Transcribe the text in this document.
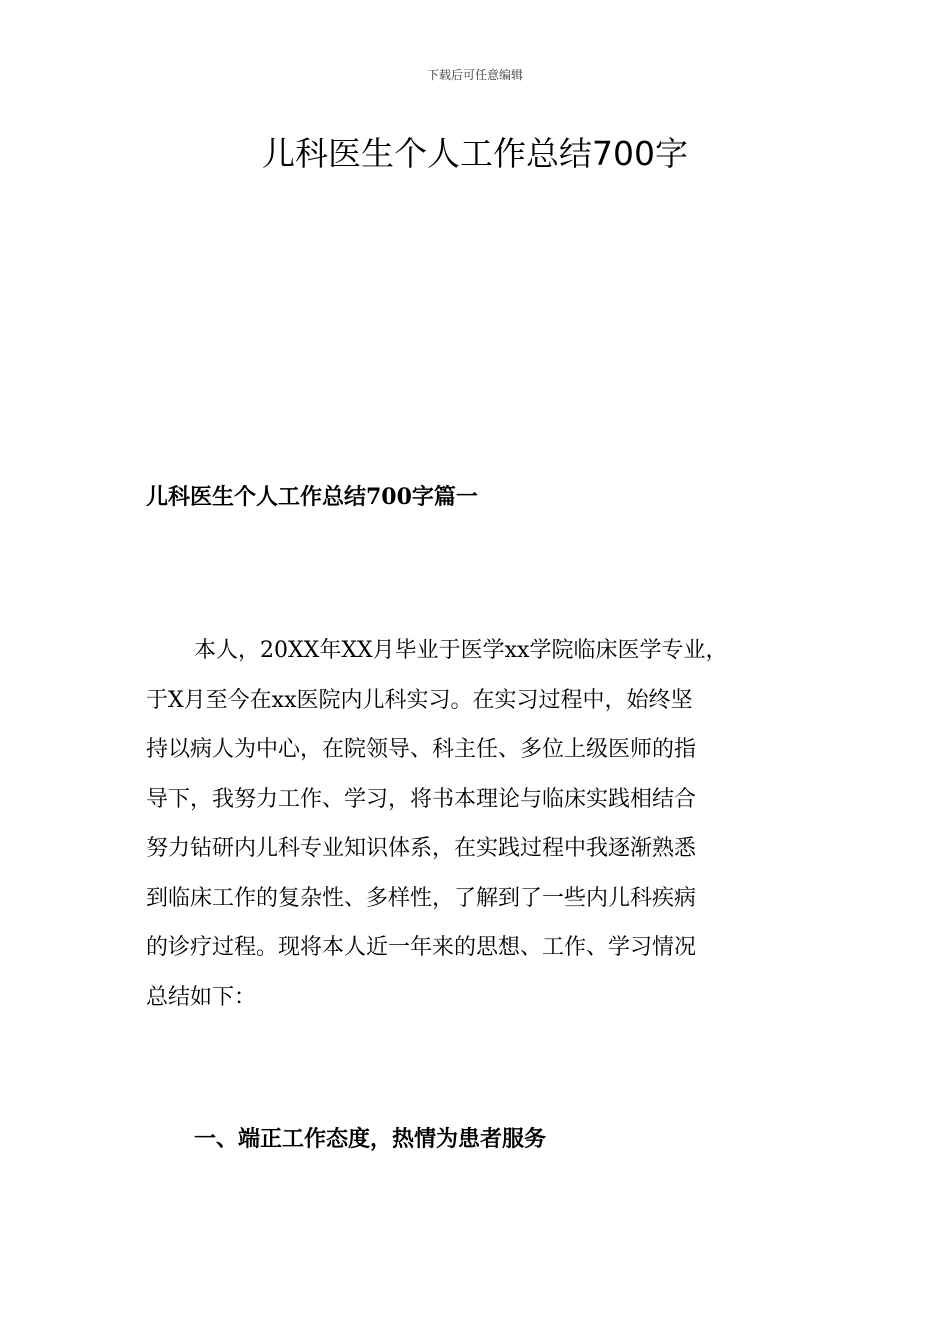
下载后可任意编辑
儿科医生个人工作总结700字
儿科医生个人工作总结700字篇一

本人，20XX年XX月毕业于医学xx学院临床医学专业，
于X月至今在xx医院内儿科实习。在实习过程中，始终坚
持以病人为中心，在院领导、科主任、多位上级医师的指
导下，我努力工作、学习，将书本理论与临床实践相结合
努力钻研内儿科专业知识体系，在实践过程中我逐渐熟悉
到临床工作的复杂性、多样性，了解到了一些内儿科疾病
的诊疗过程。现将本人近一年来的思想、工作、学习情况
总结如下：

一、端正工作态度，热情为患者服务
